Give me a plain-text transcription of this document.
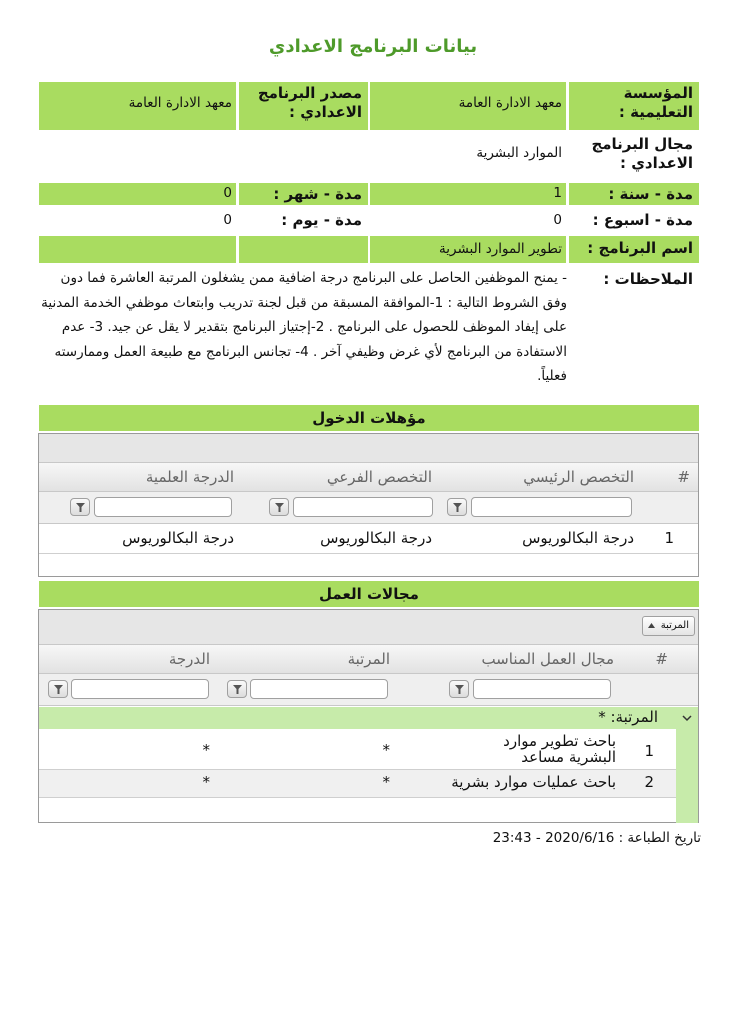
بيانات البرنامج الاعدادي
المؤسسة التعليمية :
معهد الادارة العامة
مصدر البرنامج الاعدادي :
معهد الادارة العامة
مجال البرنامج الاعدادي :
الموارد البشرية
مدة - سنة :
1
مدة - شهر :
0
مدة - اسبوع :
0
مدة - يوم :
0
اسم البرنامج :
تطوير الموارد البشرية
الملاحظات :
- يمنح الموظفين الحاصل على البرنامج درجة اضافية ممن يشغلون المرتبة العاشرة فما دون وفق الشروط التالية : 1-الموافقة المسبقة من قبل لجنة تدريب وابتعاث موظفي الخدمة المدنية على إيفاد الموظف للحصول على البرنامج . 2-إجتياز البرنامج بتقدير لا يقل عن جيد. 3- عدم الاستفادة من البرنامج لأي غرض وظيفي آخر . 4- تجانس البرنامج مع طبيعة العمل وممارسته فعلياً.
مؤهلات الدخول
#
التخصص الرئيسي
التخصص الفرعي
الدرجة العلمية
1
درجة البكالوريوس
درجة البكالوريوس
درجة البكالوريوس
مجالات العمل
المرتبة
#
مجال العمل المناسب
المرتبة
الدرجة
المرتبة: *
1
باحث تطوير موارد البشرية مساعد
*
*
2
باحث عمليات موارد بشرية
*
*
تاريخ الطباعة : 2020/6/16 - 23:43
